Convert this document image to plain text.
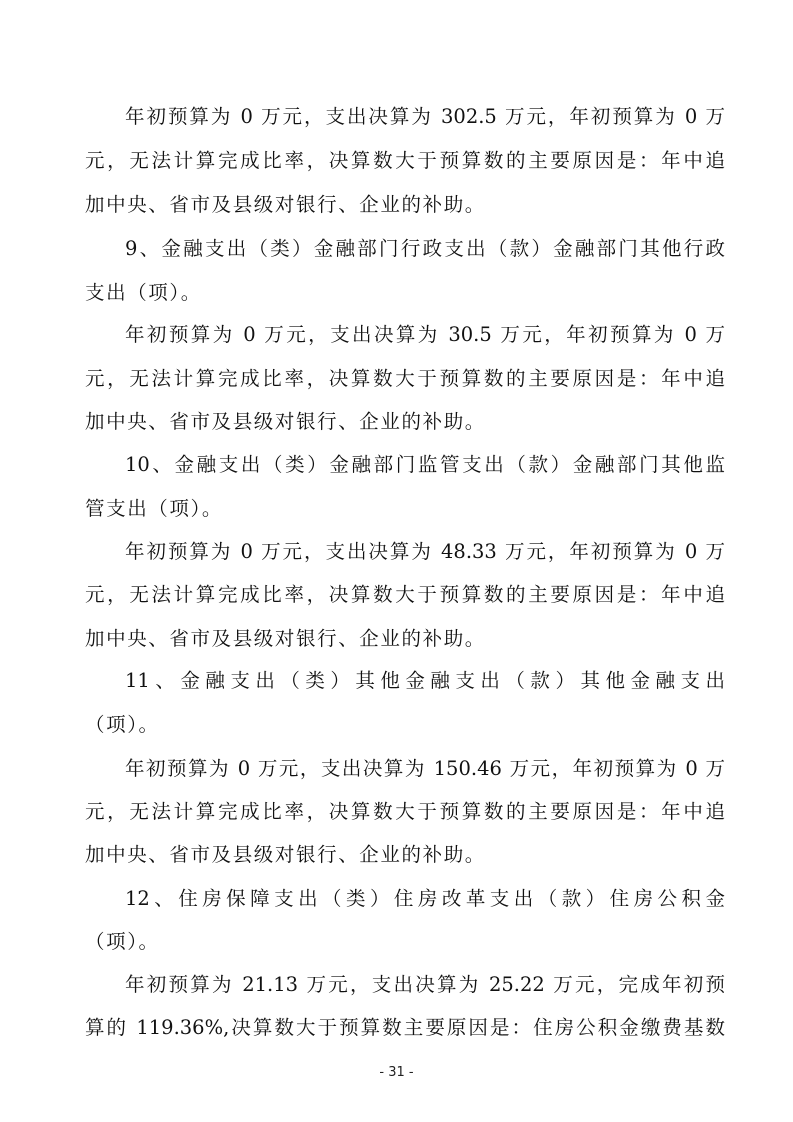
年初预算为 0 万元，支出决算为 302.5 万元，年初预算为 0 万
元，无法计算完成比率，决算数大于预算数的主要原因是：年中追
加中央、省市及县级对银行、企业的补助。
9、金融支出（类）金融部门行政支出（款）金融部门其他行政
支出（项）。
年初预算为 0 万元，支出决算为 30.5 万元，年初预算为 0 万
元，无法计算完成比率，决算数大于预算数的主要原因是：年中追
加中央、省市及县级对银行、企业的补助。
10、金融支出（类）金融部门监管支出（款）金融部门其他监
管支出（项）。
年初预算为 0 万元，支出决算为 48.33 万元，年初预算为 0 万
元，无法计算完成比率，决算数大于预算数的主要原因是：年中追
加中央、省市及县级对银行、企业的补助。
11、金融支出（类）其他金融支出（款）其他金融支出
（项）。
年初预算为 0 万元，支出决算为 150.46 万元，年初预算为 0 万
元，无法计算完成比率，决算数大于预算数的主要原因是：年中追
加中央、省市及县级对银行、企业的补助。
12、住房保障支出（类）住房改革支出（款）住房公积金
（项）。
年初预算为 21.13 万元，支出决算为 25.22 万元，完成年初预
算的 119.36%,决算数大于预算数主要原因是：住房公积金缴费基数
- 31 -
